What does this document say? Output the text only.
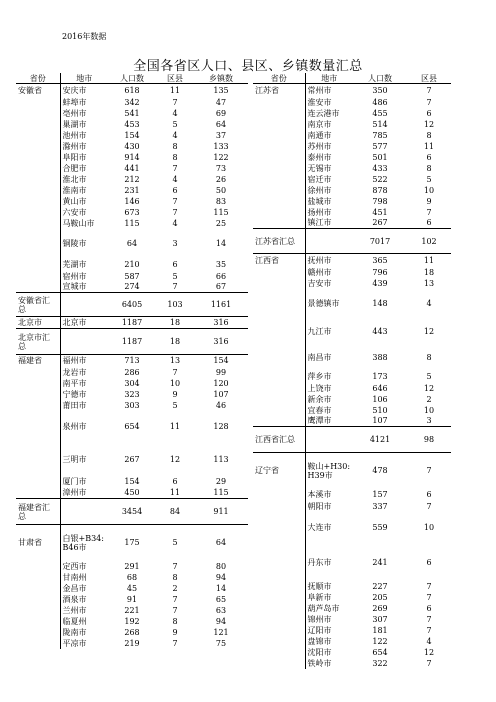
2016年数据
全国各省区人口、县区、乡镇数量汇总
省份	地市	人口数	区县	乡镇数
安徽省	安庆市	618	11	135
	蚌埠市	342	7	47
	亳州市	541	4	69
	巢湖市	453	5	64
	池州市	154	4	37
	滁州市	430	8	133
	阜阳市	914	8	122
	合肥市	441	7	73
	淮北市	212	4	26
	淮南市	231	6	50
	黄山市	146	7	83
	六安市	673	7	115
	马鞍山市	115	4	25
	铜陵市	64	3	14
	芜湖市	210	6	35
	宿州市	587	5	66
	宣城市	274	7	67
安徽省汇总		6405	103	1161
北京市	北京市	1187	18	316
北京市汇总		1187	18	316
福建省	福州市	713	13	154
	龙岩市	286	7	99
	南平市	304	10	120
	宁德市	323	9	107
	莆田市	303	5	46
	泉州市	654	11	128
	三明市	267	12	113
	厦门市	154	6	29
	漳州市	450	11	115
福建省汇总		3454	84	911
甘肃省	白银+B34:B46市	175	5	64
	定西市	291	7	80
	甘南州	68	8	94
	金昌市	45	2	14
	酒泉市	91	7	65
	兰州市	221	7	63
	临夏州	192	8	94
	陇南市	268	9	121
	平凉市	219	7	75
省份	地市	人口数	区县
江苏省	常州市	350	7
	淮安市	486	7
	连云港市	455	6
	南京市	514	12
	南通市	785	8
	苏州市	577	11
	泰州市	501	6
	无锡市	433	8
	宿迁市	522	5
	徐州市	878	10
	盐城市	798	9
	扬州市	451	7
	镇江市	267	6
江苏省汇总		7017	102
江西省	抚州市	365	11
	赣州市	796	18
	吉安市	439	13
	景德镇市	148	4
	九江市	443	12
	南昌市	388	8
	萍乡市	173	5
	上饶市	646	12
	新余市	106	2
	宜春市	510	10
	鹰潭市	107	3
江西省汇总		4121	98
辽宁省	鞍山+H30:H39市	478	7
	本溪市	157	6
	朝阳市	337	7
	大连市	559	10
	丹东市	241	6
	抚顺市	227	7
	阜新市	205	7
	葫芦岛市	269	6
	锦州市	307	7
	辽阳市	181	7
	盘锦市	122	4
	沈阳市	654	12
	铁岭市	322	7
